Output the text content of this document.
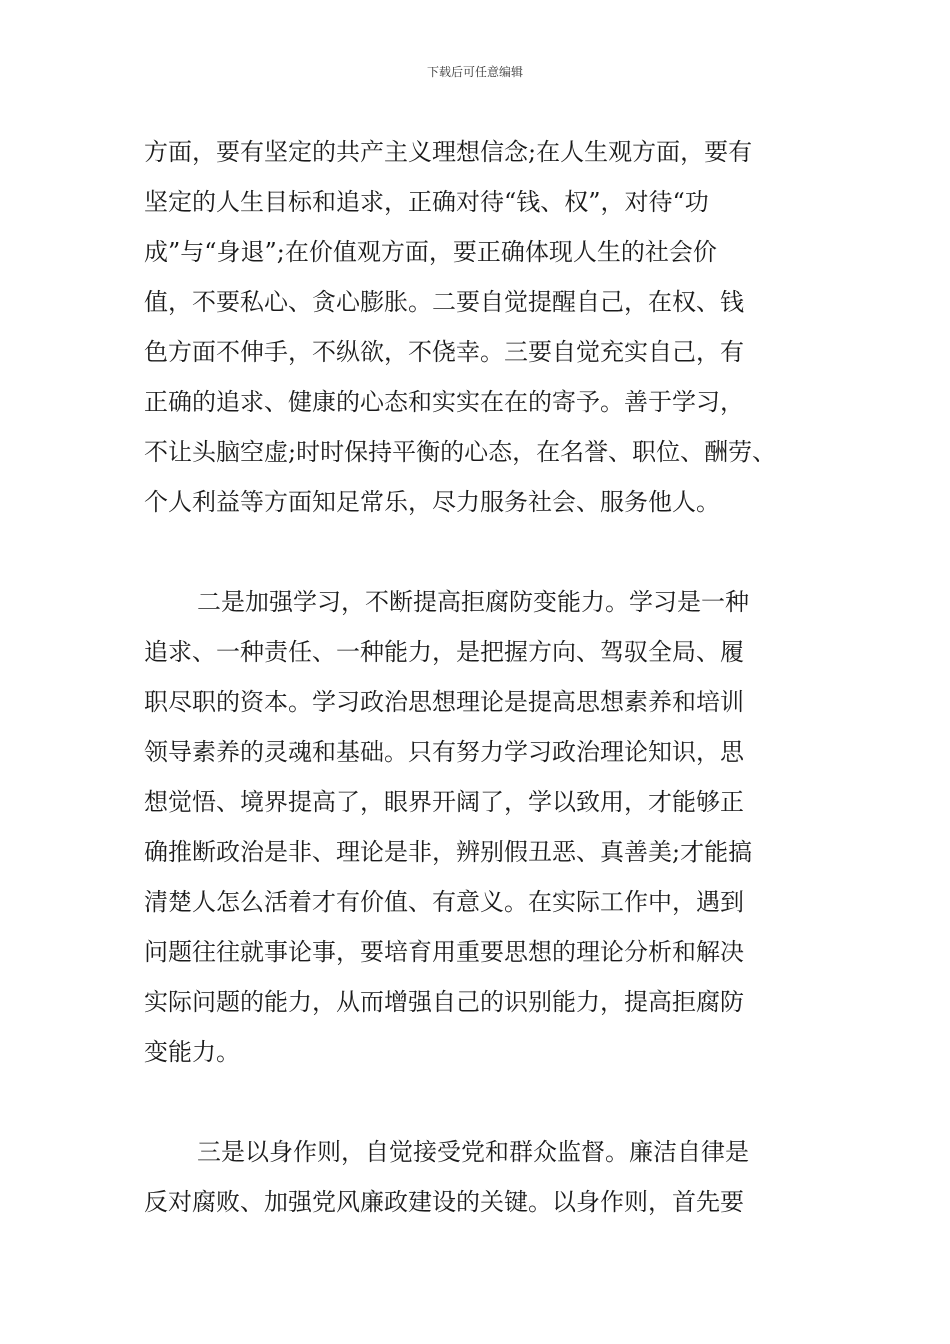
下载后可任意编辑
方面，要有坚定的共产主义理想信念;在人生观方面，要有
坚定的人生目标和追求，正确对待“钱、权”，对待“功
成”与“身退”;在价值观方面，要正确体现人生的社会价
值，不要私心、贪心膨胀。二要自觉提醒自己，在权、钱
色方面不伸手，不纵欲，不侥幸。三要自觉充实自己，有
正确的追求、健康的心态和实实在在的寄予。善于学习，
不让头脑空虚;时时保持平衡的心态，在名誉、职位、酬劳、
个人利益等方面知足常乐，尽力服务社会、服务他人。
二是加强学习，不断提高拒腐防变能力。学习是一种
追求、一种责任、一种能力，是把握方向、驾驭全局、履
职尽职的资本。学习政治思想理论是提高思想素养和培训
领导素养的灵魂和基础。只有努力学习政治理论知识，思
想觉悟、境界提高了，眼界开阔了，学以致用，才能够正
确推断政治是非、理论是非，辨别假丑恶、真善美;才能搞
清楚人怎么活着才有价值、有意义。在实际工作中，遇到
问题往往就事论事，要培育用重要思想的理论分析和解决
实际问题的能力，从而增强自己的识别能力，提高拒腐防
变能力。
三是以身作则，自觉接受党和群众监督。廉洁自律是
反对腐败、加强党风廉政建设的关键。以身作则，首先要
